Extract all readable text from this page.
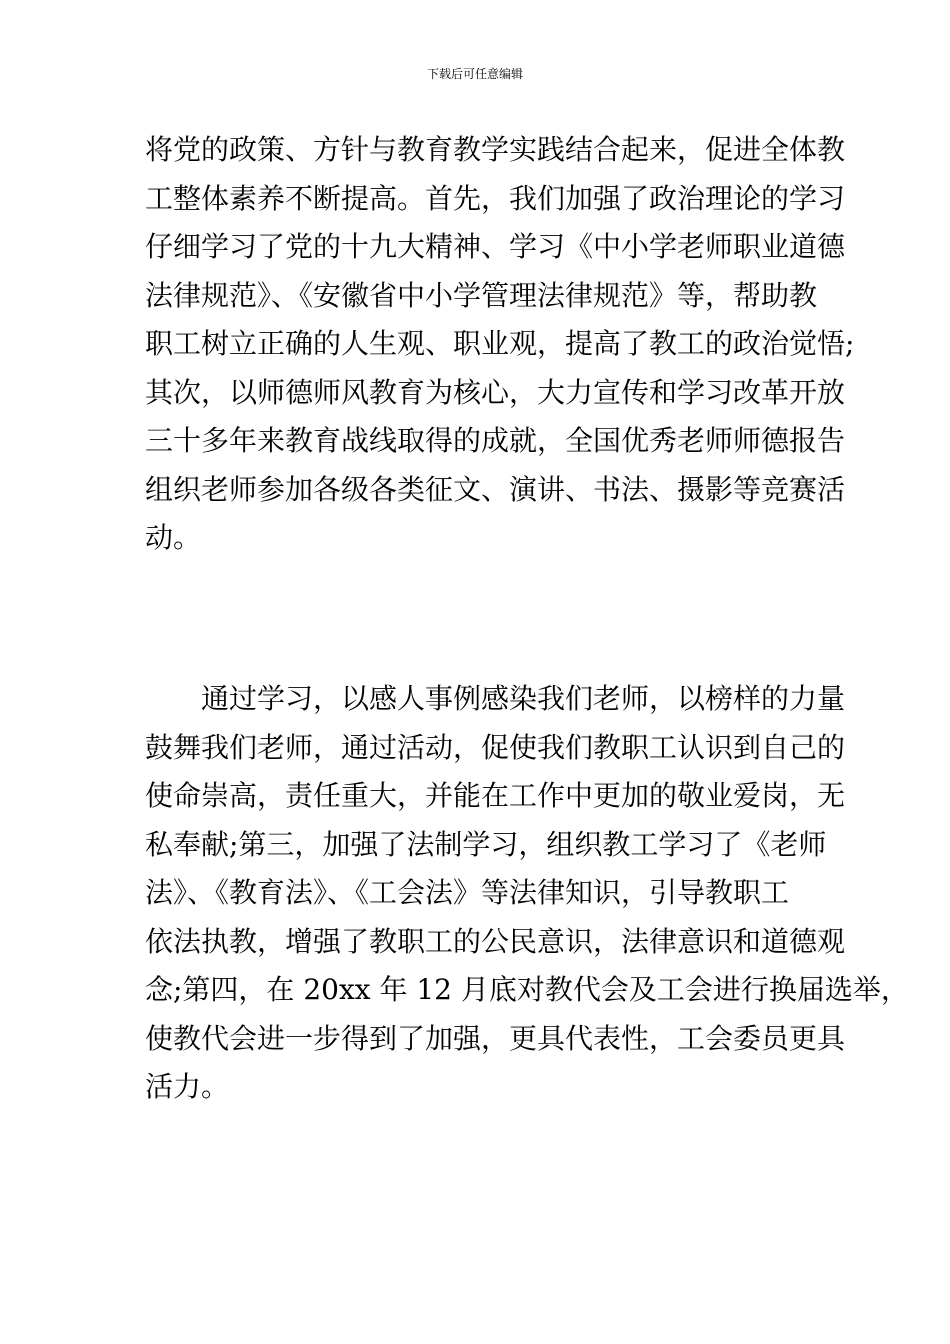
下载后可任意编辑

将党的政策、方针与教育教学实践结合起来，促进全体教
工整体素养不断提高。首先，我们加强了政治理论的学习
仔细学习了党的十九大精神、学习《中小学老师职业道德
法律规范》、《安徽省中小学管理法律规范》等，帮助教
职工树立正确的人生观、职业观，提高了教工的政治觉悟;
其次，以师德师风教育为核心，大力宣传和学习改革开放
三十多年来教育战线取得的成就，全国优秀老师师德报告
组织老师参加各级各类征文、演讲、书法、摄影等竞赛活
动。

通过学习，以感人事例感染我们老师，以榜样的力量
鼓舞我们老师，通过活动，促使我们教职工认识到自己的
使命崇高，责任重大，并能在工作中更加的敬业爱岗，无
私奉献;第三，加强了法制学习，组织教工学习了《老师
法》、《教育法》、《工会法》等法律知识，引导教职工
依法执教，增强了教职工的公民意识，法律意识和道德观
念;第四，在 20xx 年 12 月底对教代会及工会进行换届选举，
使教代会进一步得到了加强，更具代表性，工会委员更具
活力。
